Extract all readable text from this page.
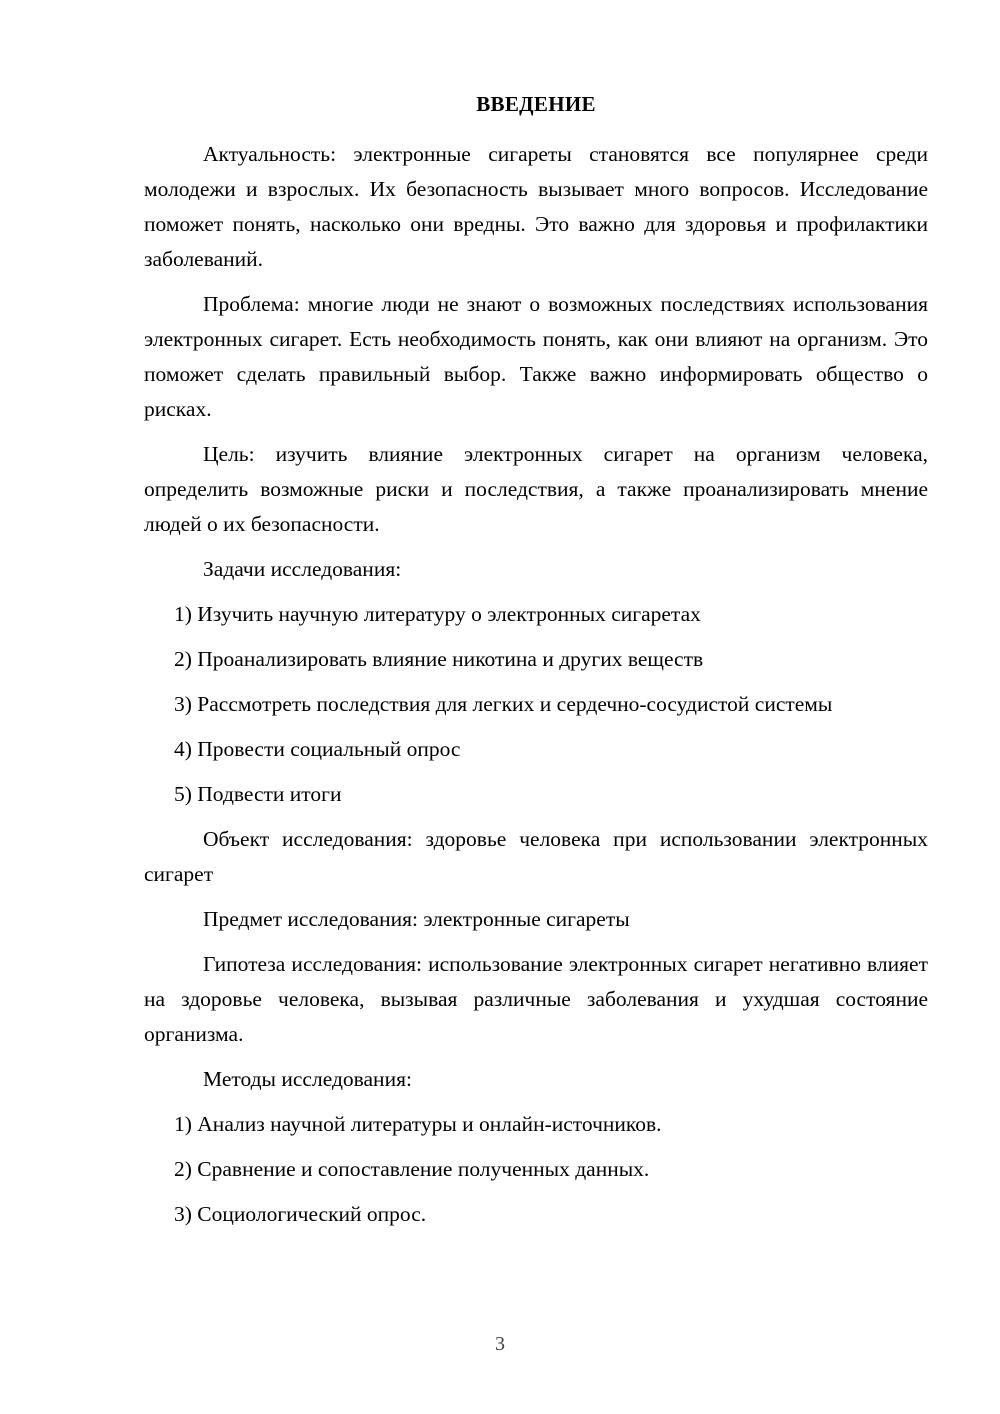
ВВЕДЕНИЕ

Актуальность: электронные сигареты становятся все популярнее среди молодежи и взрослых. Их безопасность вызывает много вопросов. Исследование поможет понять, насколько они вредны. Это важно для здоровья и профилактики заболеваний.

Проблема: многие люди не знают о возможных последствиях использования электронных сигарет. Есть необходимость понять, как они влияют на организм. Это поможет сделать правильный выбор. Также важно информировать общество о рисках.

Цель: изучить влияние электронных сигарет на организм человека, определить возможные риски и последствия, а также проанализировать мнение людей о их безопасности.

Задачи исследования:

1) Изучить научную литературу о электронных сигаретах
2) Проанализировать влияние никотина и других веществ
3) Рассмотреть последствия для легких и сердечно-сосудистой системы
4) Провести социальный опрос
5) Подвести итоги

Объект исследования: здоровье человека при использовании электронных сигарет

Предмет исследования: электронные сигареты

Гипотеза исследования: использование электронных сигарет негативно влияет на здоровье человека, вызывая различные заболевания и ухудшая состояние организма.

Методы исследования:

1) Анализ научной литературы и онлайн-источников.
2) Сравнение и сопоставление полученных данных.
3) Социологический опрос.
3
